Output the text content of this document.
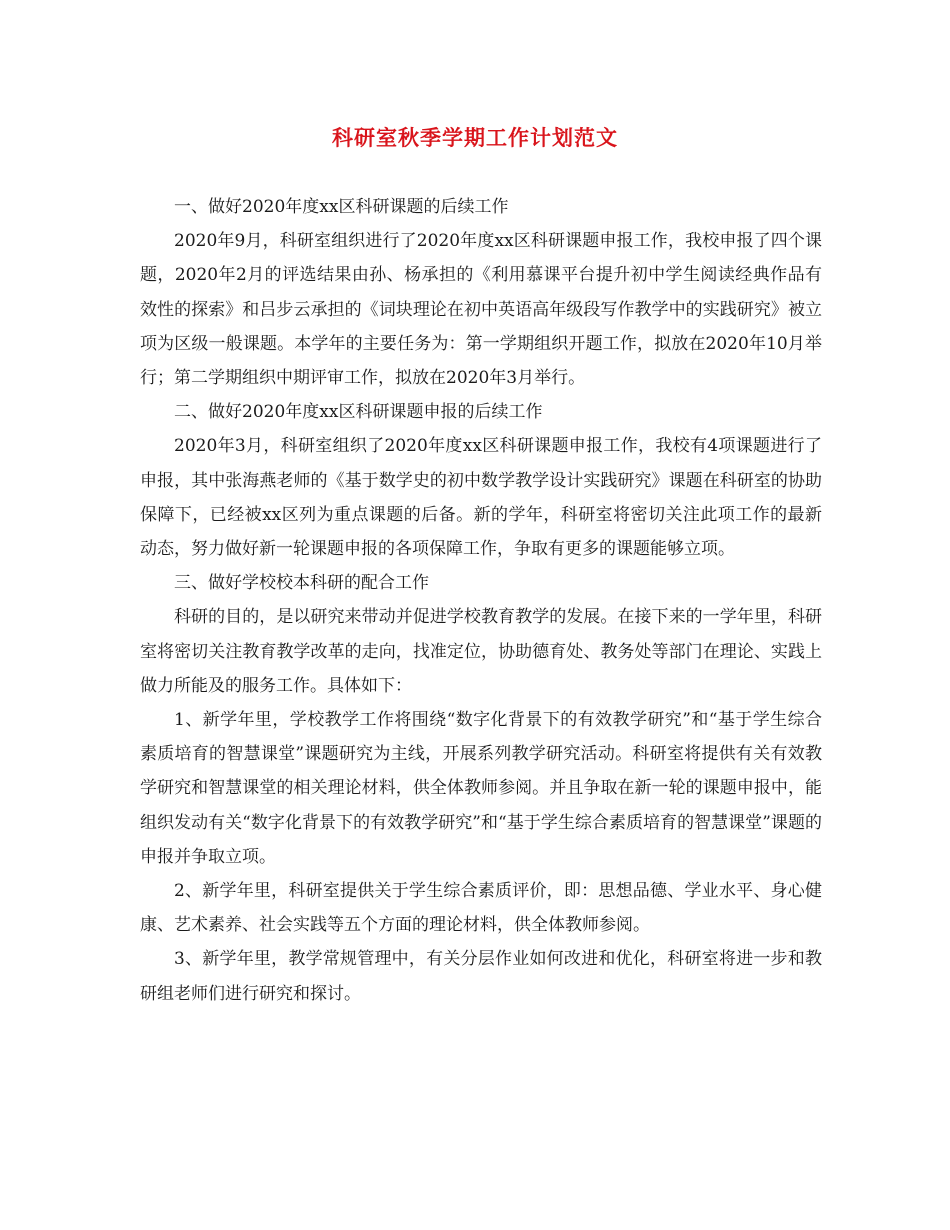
科研室秋季学期工作计划范文

一、做好2020年度xx区科研课题的后续工作

2020年9月，科研室组织进行了2020年度xx区科研课题申报工作，我校申报了四个课题，2020年2月的评选结果由孙、杨承担的《利用慕课平台提升初中学生阅读经典作品有效性的探索》和吕步云承担的《词块理论在初中英语高年级段写作教学中的实践研究》被立项为区级一般课题。本学年的主要任务为：第一学期组织开题工作，拟放在2020年10月举行；第二学期组织中期评审工作，拟放在2020年3月举行。

二、做好2020年度xx区科研课题申报的后续工作

2020年3月，科研室组织了2020年度xx区科研课题申报工作，我校有4项课题进行了申报，其中张海燕老师的《基于数学史的初中数学教学设计实践研究》课题在科研室的协助保障下，已经被xx区列为重点课题的后备。新的学年，科研室将密切关注此项工作的最新动态，努力做好新一轮课题申报的各项保障工作，争取有更多的课题能够立项。

三、做好学校校本科研的配合工作

科研的目的，是以研究来带动并促进学校教育教学的发展。在接下来的一学年里，科研室将密切关注教育教学改革的走向，找准定位，协助德育处、教务处等部门在理论、实践上做力所能及的服务工作。具体如下：

1、新学年里，学校教学工作将围绕“数字化背景下的有效教学研究”和“基于学生综合素质培育的智慧课堂”课题研究为主线，开展系列教学研究活动。科研室将提供有关有效教学研究和智慧课堂的相关理论材料，供全体教师参阅。并且争取在新一轮的课题申报中，能组织发动有关“数字化背景下的有效教学研究”和“基于学生综合素质培育的智慧课堂”课题的申报并争取立项。

2、新学年里，科研室提供关于学生综合素质评价，即：思想品德、学业水平、身心健康、艺术素养、社会实践等五个方面的理论材料，供全体教师参阅。

3、新学年里，教学常规管理中，有关分层作业如何改进和优化，科研室将进一步和教研组老师们进行研究和探讨。
